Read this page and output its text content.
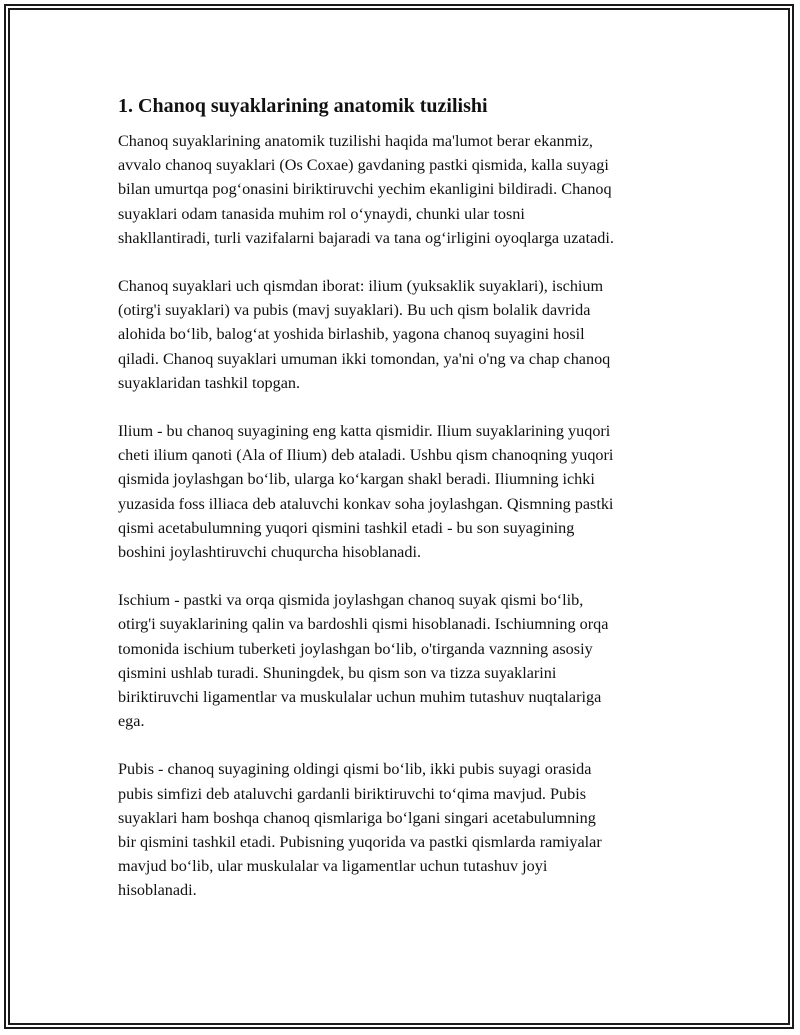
1. Chanoq suyaklarining anatomik tuzilishi

Chanoq suyaklarining anatomik tuzilishi haqida ma'lumot berar ekanmiz,
avvalo chanoq suyaklari (Os Coxae) gavdaning pastki qismida, kalla suyagi
bilan umurtqa pog‘onasini biriktiruvchi yechim ekanligini bildiradi. Chanoq
suyaklari odam tanasida muhim rol o‘ynaydi, chunki ular tosni
shakllantiradi, turli vazifalarni bajaradi va tana og‘irligini oyoqlarga uzatadi.

Chanoq suyaklari uch qismdan iborat: ilium (yuksaklik suyaklari), ischium
(otirg'i suyaklari) va pubis (mavj suyaklari). Bu uch qism bolalik davrida
alohida bo‘lib, balog‘at yoshida birlashib, yagona chanoq suyagini hosil
qiladi. Chanoq suyaklari umuman ikki tomondan, ya'ni o'ng va chap chanoq
suyaklaridan tashkil topgan.

Ilium - bu chanoq suyagining eng katta qismidir. Ilium suyaklarining yuqori
cheti ilium qanoti (Ala of Ilium) deb ataladi. Ushbu qism chanoqning yuqori
qismida joylashgan bo‘lib, ularga ko‘kargan shakl beradi. Iliumning ichki
yuzasida foss illiaca deb ataluvchi konkav soha joylashgan. Qismning pastki
qismi acetabulumning yuqori qismini tashkil etadi - bu son suyagining
boshini joylashtiruvchi chuqurcha hisoblanadi.

Ischium - pastki va orqa qismida joylashgan chanoq suyak qismi bo‘lib,
otirg'i suyaklarining qalin va bardoshli qismi hisoblanadi. Ischiumning orqa
tomonida ischium tuberketi joylashgan bo‘lib, o'tirganda vaznning asosiy
qismini ushlab turadi. Shuningdek, bu qism son va tizza suyaklarini
biriktiruvchi ligamentlar va muskulalar uchun muhim tutashuv nuqtalariga
ega.

Pubis - chanoq suyagining oldingi qismi bo‘lib, ikki pubis suyagi orasida
pubis simfizi deb ataluvchi gardanli biriktiruvchi to‘qima mavjud. Pubis
suyaklari ham boshqa chanoq qismlariga bo‘lgani singari acetabulumning
bir qismini tashkil etadi. Pubisning yuqorida va pastki qismlarda ramiyalar
mavjud bo‘lib, ular muskulalar va ligamentlar uchun tutashuv joyi
hisoblanadi.
